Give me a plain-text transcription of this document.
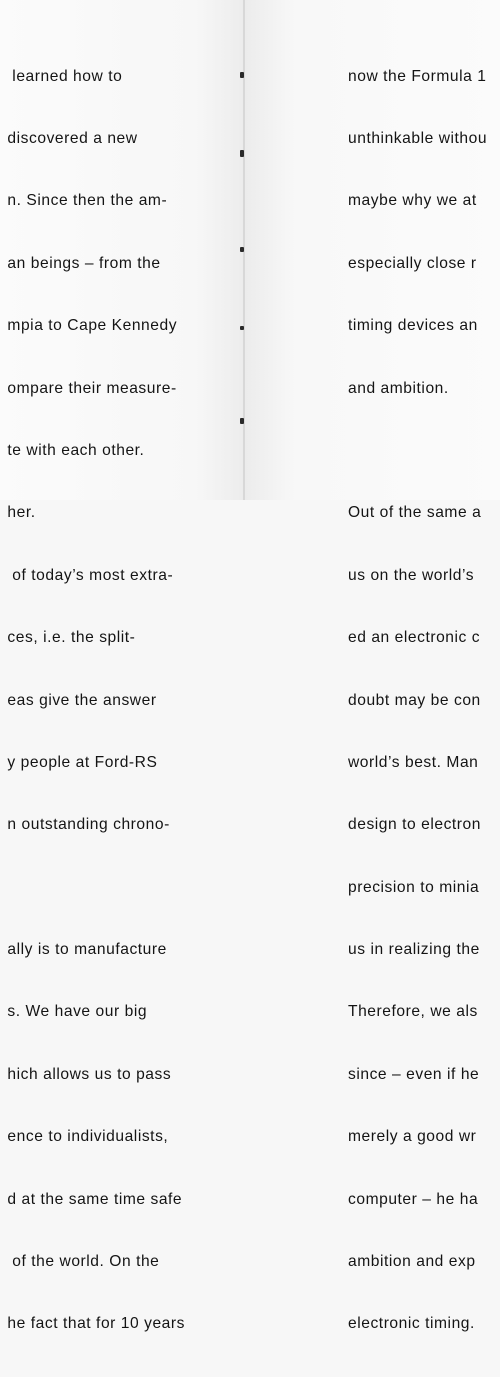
learned how to

discovered a new

n. Since then the am-

an beings – from the

mpia to Cape Kennedy

ompare their measure-

te with each other.

her.

of today’s most extra-

ces, i.e. the split-

eas give the answer

y people at Ford-RS

n outstanding chrono-

ally is to manufacture

s. We have our big

hich allows us to pass

ence to individualists,

d at the same time safe

of the world. On the

he fact that for 10 years

now the Formula 1

unthinkable withou

maybe why we at

especially close r

timing devices an

and ambition.

Out of the same a

us on the world’s

ed an electronic c

doubt may be con

world’s best. Man

design to electron

precision to minia

us in realizing the

Therefore, we als

since – even if he

merely a good wr

computer – he ha

ambition and exp

electronic timing.
